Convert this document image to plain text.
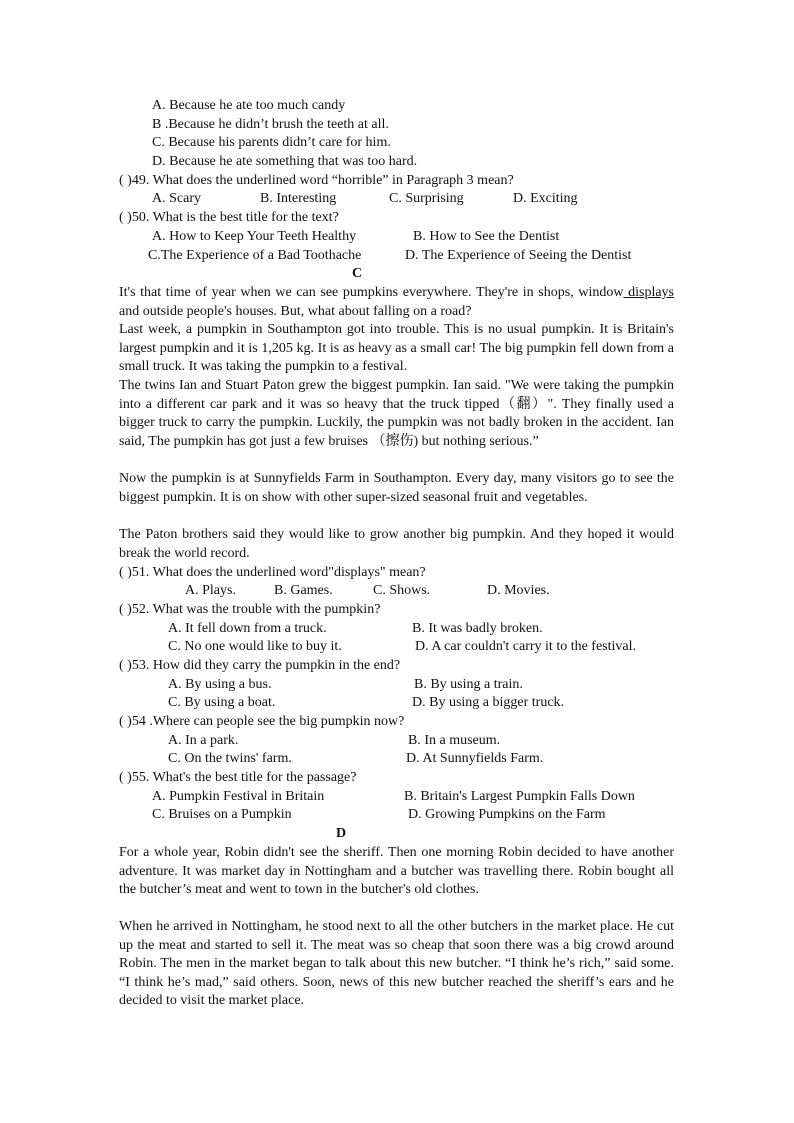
A. Because he ate too much candy
B .Because he didn’t brush the teeth at all.
C. Because his parents didn’t care for him.
D. Because he ate something that was too hard.
( )49. What does the underlined word “horrible” in Paragraph 3 mean?
A. Scary	B. Interesting	C. Surprising	D. Exciting
( )50. What is the best title for the text?
A. How to Keep Your Teeth Healthy	B. How to See the Dentist
C.The Experience of a Bad Toothache	D. The Experience of Seeing the Dentist
C
It's that time of year when we can see pumpkins everywhere. They're in shops, window displays and outside people's houses. But, what about falling on a road?
Last week, a pumpkin in Southampton got into trouble. This is no usual pumpkin. It is Britain's largest pumpkin and it is 1,205 kg. It is as heavy as a small car! The big pumpkin fell down from a small truck. It was taking the pumpkin to a festival.
The twins Ian and Stuart Paton grew the biggest pumpkin. Ian said. "We were taking the pumpkin into a different car park and it was so heavy that the truck tipped（翻）". They finally used a bigger truck to carry the pumpkin. Luckily, the pumpkin was not badly broken in the accident. Ian said, The pumpkin has got just a few bruises （擦伤) but nothing serious.”
Now the pumpkin is at Sunnyfields Farm in Southampton. Every day, many visitors go to see the biggest pumpkin. It is on show with other super-sized seasonal fruit and vegetables.
The Paton brothers said they would like to grow another big pumpkin. And they hoped it would break the world record.
( )51. What does the underlined word"displays" mean?
A. Plays.	B. Games.	C. Shows.	D. Movies.
( )52. What was the trouble with the pumpkin?
A. It fell down from a truck.	B. It was badly broken.
C. No one would like to buy it.	D. A car couldn't carry it to the festival.
( )53. How did they carry the pumpkin in the end?
A. By using a bus.	B. By using a train.
C. By using a boat.	D. By using a bigger truck.
( )54 .Where can people see the big pumpkin now?
A. In a park.	B. In a museum.
C. On the twins' farm.	D. At Sunnyfields Farm.
( )55. What's the best title for the passage?
A. Pumpkin Festival in Britain	B. Britain's Largest Pumpkin Falls Down
C. Bruises on a Pumpkin	D. Growing Pumpkins on the Farm
D
For a whole year, Robin didn't see the sheriff. Then one morning Robin decided to have another adventure. It was market day in Nottingham and a butcher was travelling there. Robin bought all the butcher’s meat and went to town in the butcher's old clothes.
When he arrived in Nottingham, he stood next to all the other butchers in the market place. He cut up the meat and started to sell it. The meat was so cheap that soon there was a big crowd around Robin. The men in the market began to talk about this new butcher. “I think he’s rich,” said some. “I think he’s mad,” said others. Soon, news of this new butcher reached the sheriff’s ears and he decided to visit the market place.
